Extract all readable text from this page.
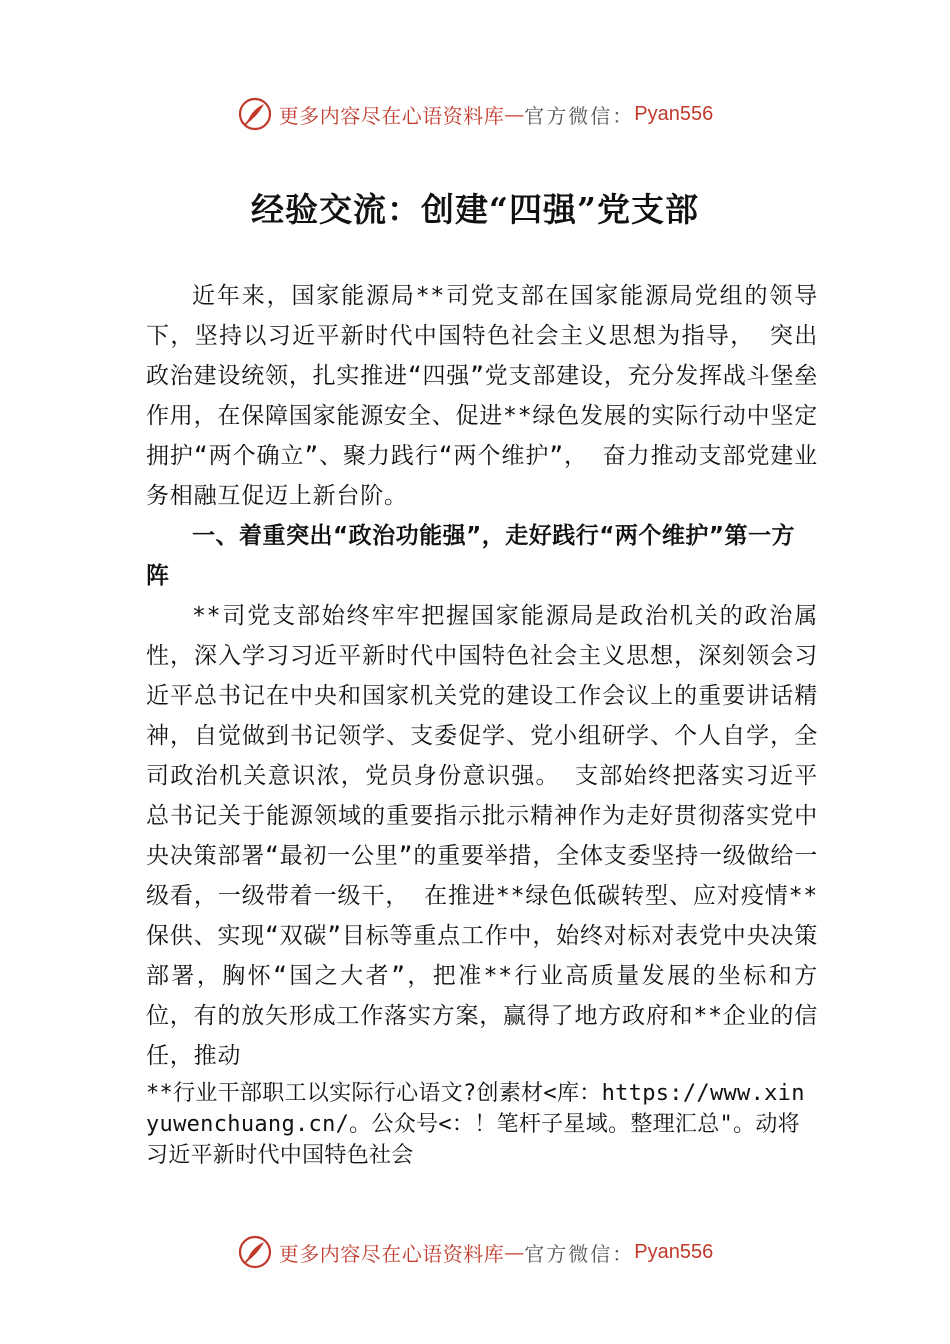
更多内容尽在心语资料库 — 官方微信： Pyan556
经验交流：创建“四强”党支部

近年来，国家能源局**司党支部在国家能源局党组的领导下，坚持以习近平新时代中国特色社会主义思想为指导， 突出政治建设统领，扎实推进“四强”党支部建设，充分发挥战斗堡垒作用，在保障国家能源安全、促进**绿色发展的实际行动中坚定拥护“两个确立”、聚力践行“两个维护”， 奋力推动支部党建业务相融互促迈上新台阶。

一、着重突出“政治功能强”，走好践行“两个维护”第一方阵

**司党支部始终牢牢把握国家能源局是政治机关的政治属性，深入学习习近平新时代中国特色社会主义思想，深刻领会习近平总书记在中央和国家机关党的建设工作会议上的重要讲话精神，自觉做到书记领学、支委促学、党小组研学、个人自学，全司政治机关意识浓，党员身份意识强。 支部始终把落实习近平总书记关于能源领域的重要指示批示精神作为走好贯彻落实党中央决策部署“最初一公里”的重要举措，全体支委坚持一级做给一级看，一级带着一级干， 在推进**绿色低碳转型、应对疫情**保供、实现“双碳”目标等重点工作中，始终对标对表党中央决策部署，胸怀“国之大者”，把准**行业高质量发展的坐标和方位，有的放矢形成工作落实方案，赢得了地方政府和**企业的信任，推动

**行业干部职工以实际行心语文?创素材<库：https://www.xinyuwenchuang.cn/。公众号<：！笔杆子星域。整理汇总"。动将习近平新时代中国特色社会

更多内容尽在心语资料库 — 官方微信： Pyan556
